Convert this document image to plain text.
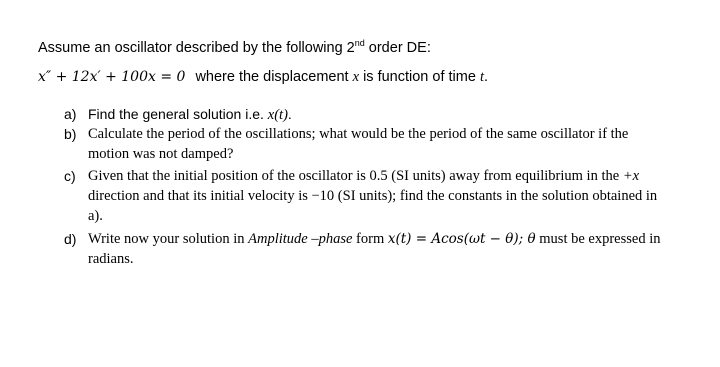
Assume an oscillator described by the following 2nd order DE:
x″ + 12x′ + 100x = 0 where the displacement x is function of time t.
a) Find the general solution i.e. x(t).
b) Calculate the period of the oscillations; what would be the period of the same oscillator if the motion was not damped?
c) Given that the initial position of the oscillator is 0.5 (SI units) away from equilibrium in the +x direction and that its initial velocity is −10 (SI units); find the constants in the solution obtained in a).
d) Write now your solution in Amplitude –phase form x(t) = Acos(ωt − θ); θ must be expressed in radians.
